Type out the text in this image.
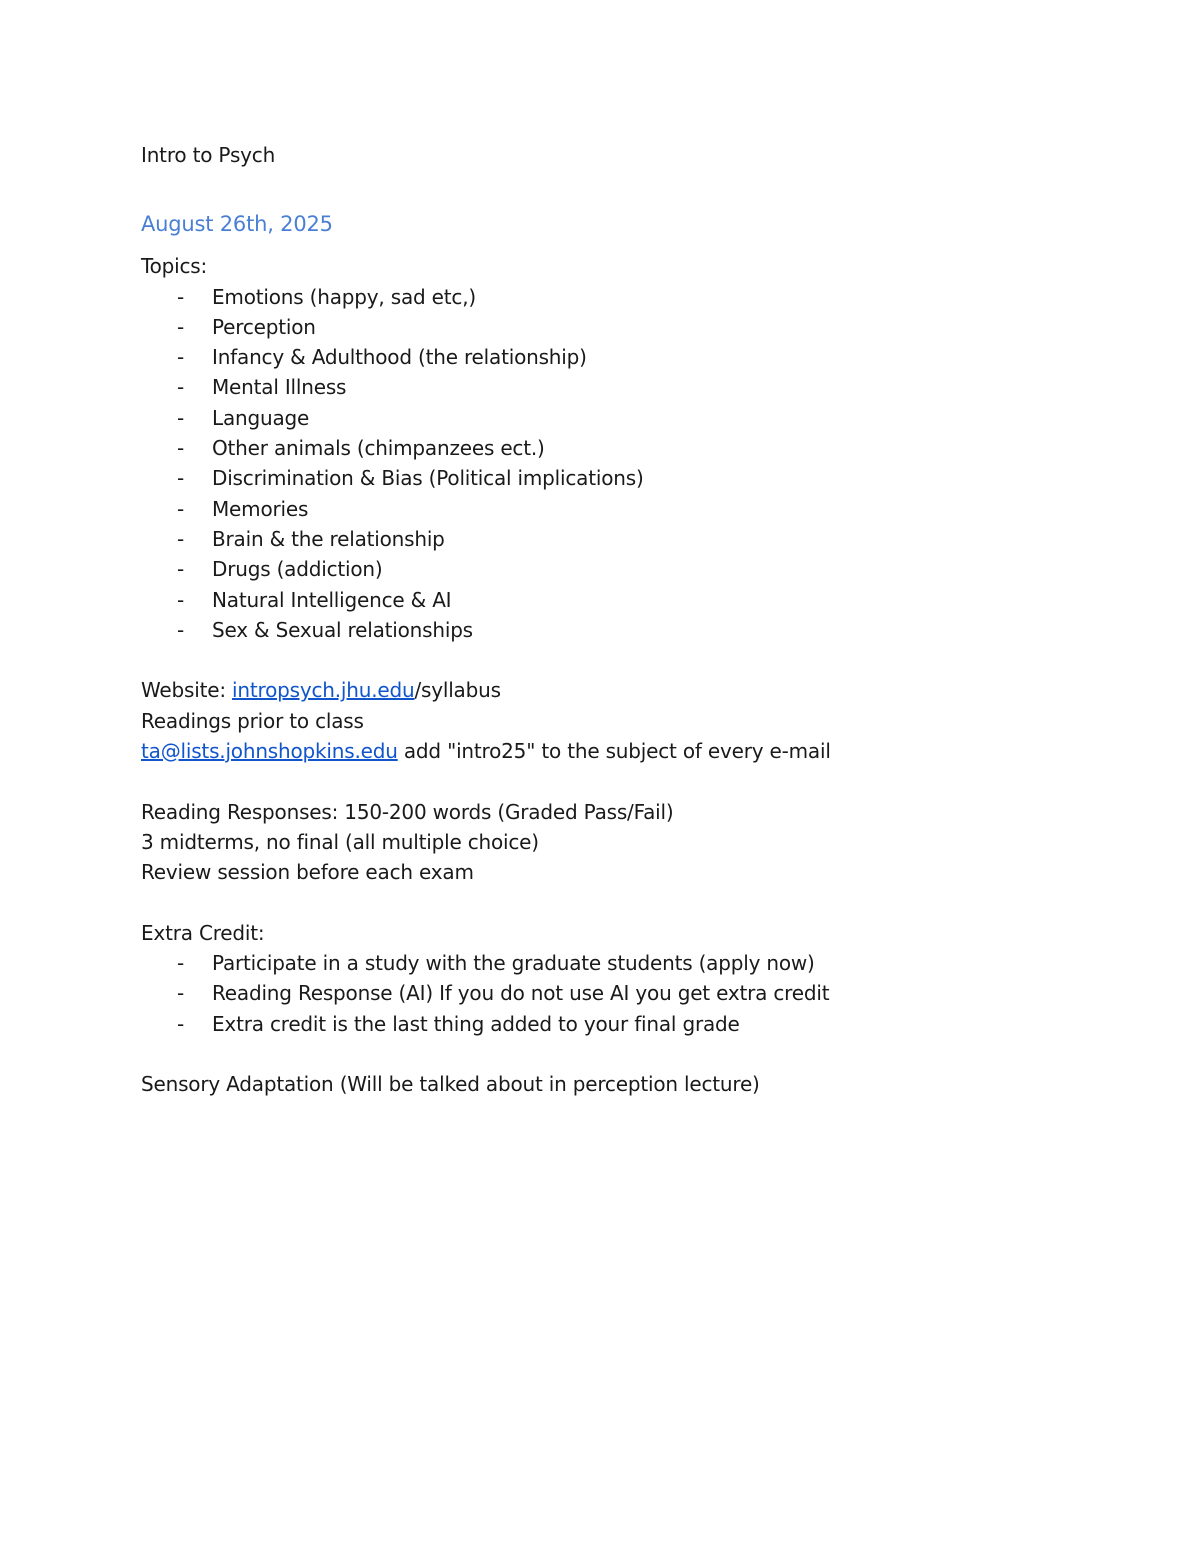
Intro to Psych
August 26th, 2025
Topics:
- Emotions (happy, sad etc,)
- Perception
- Infancy & Adulthood (the relationship)
- Mental Illness
- Language
- Other animals (chimpanzees ect.)
- Discrimination & Bias (Political implications)
- Memories
- Brain & the relationship
- Drugs (addiction)
- Natural Intelligence & AI
- Sex & Sexual relationships
Website: intropsych.jhu.edu/syllabus
Readings prior to class
ta@lists.johnshopkins.edu add "intro25" to the subject of every e-mail
Reading Responses: 150-200 words (Graded Pass/Fail)
3 midterms, no final (all multiple choice)
Review session before each exam
Extra Credit:
- Participate in a study with the graduate students (apply now)
- Reading Response (AI) If you do not use AI you get extra credit
- Extra credit is the last thing added to your final grade
Sensory Adaptation (Will be talked about in perception lecture)
